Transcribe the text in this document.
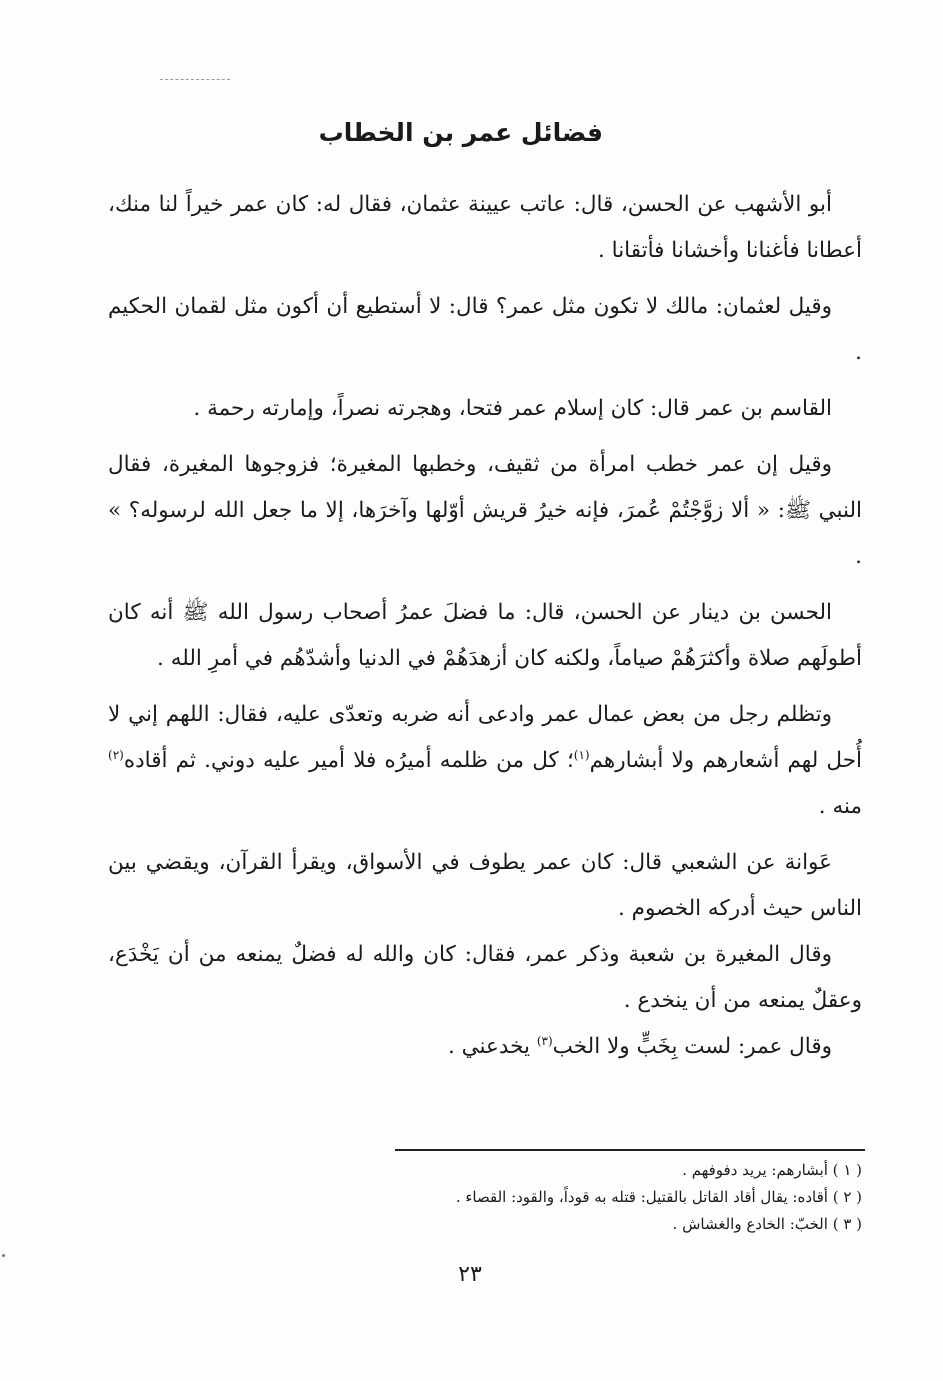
فضائل عمر بن الخطاب

أبو الأشهب عن الحسن، قال: عاتب عيينة عثمان، فقال له: كان عمر خيراً لنا منك، أعطانا فأغنانا وأخشانا فأتقانا .

وقيل لعثمان: مالك لا تكون مثل عمر؟ قال: لا أستطيع أن أكون مثل لقمان الحكيم .

القاسم بن عمر قال: كان إسلام عمر فتحا، وهجرته نصراً، وإمارته رحمة .

وقيل إن عمر خطب امرأة من ثقيف، وخطبها المغيرة؛ فزوجوها المغيرة، فقال النبي ﷺ: « ألا زوَّجْتُمْ عُمرَ، فإنه خيرُ قريش أوّلها وآخرَها، إلا ما جعل الله لرسوله؟ » .

الحسن بن دينار عن الحسن، قال: ما فضلَ عمرُ أصحاب رسول الله ﷺ أنه كان أطولَهم صلاة وأكثرَهُمْ صياماً، ولكنه كان أزهدَهُمْ في الدنيا وأشدّهُم في أمرِ الله .

وتظلم رجل من بعض عمال عمر وادعى أنه ضربه وتعدّى عليه، فقال: اللهم إني لا أُحل لهم أشعارهم ولا أبشارهم$^{(١)}$؛ كل من ظلمه أميرُه فلا أمير عليه دوني. ثم أقاده$^{(٢)}$ منه .

عَوانة عن الشعبي قال: كان عمر يطوف في الأسواق، ويقرأ القرآن، ويقضي بين الناس حيث أدركه الخصوم .

وقال المغيرة بن شعبة وذكر عمر، فقال: كان والله له فضلٌ يمنعه من أن يَخْدَع، وعقلٌ يمنعه من أن ينخدع .

وقال عمر: لست بِخَبٍّ ولا الخب$^{(٣)}$ يخدعني .

( ١ ) أبشارهم: يريد دفوفهم .
( ٢ ) أقاده: يقال أقاد القاتل بالقتيل: قتله به قوداً، والقود: القصاء .
( ٣ ) الخبّ: الخادع والغشاش .
٢٣
